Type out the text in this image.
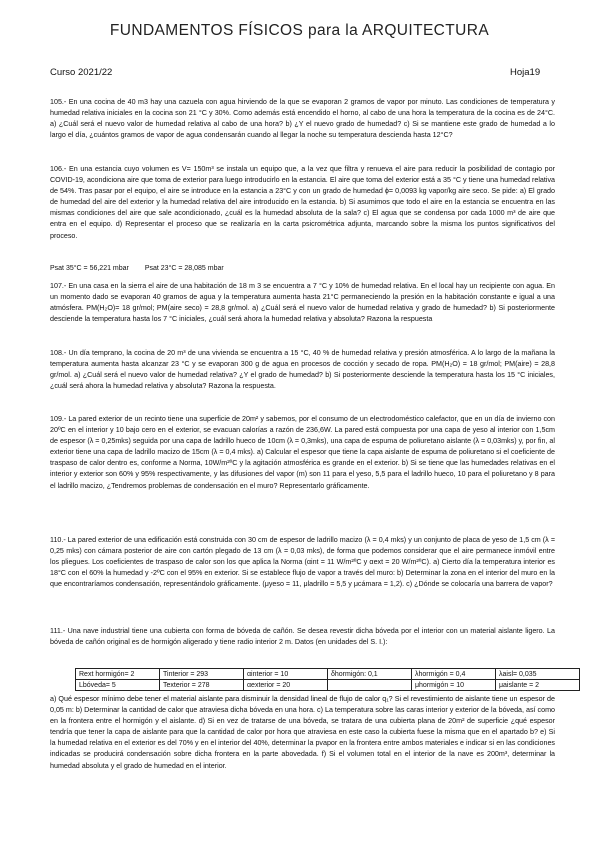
FUNDAMENTOS FÍSICOS para la ARQUITECTURA
Curso 2021/22	Hoja19

105.- En una cocina de 40 m3 hay una cazuela con agua hirviendo de la que se evaporan 2 gramos de vapor por minuto. Las condiciones de temperatura y humedad relativa iniciales en la cocina son 21 °C y 30%. Como además está encendido el horno, al cabo de una hora la temperatura de la cocina es de 24°C. a) ¿Cuál será el nuevo valor de humedad relativa al cabo de una hora? b) ¿Y el nuevo grado de humedad? c) Si se mantiene este grado de humedad a lo largo el día, ¿cuántos gramos de vapor de agua condensarán cuando al llegar la noche su temperatura descienda hasta 12°C?

106.- En una estancia cuyo volumen es V= 150m³ se instala un equipo que, a la vez que filtra y renueva el aire para reducir la posibilidad de contagio por COVID-19, acondiciona aire que toma de exterior para luego introducirlo en la estancia. El aire que toma del exterior está a 35 °C y tiene una humedad relativa de 54%. Tras pasar por el equipo, el aire se introduce en la estancia a 23°C y con un grado de humedad ϕ= 0,0093 kg vapor/kg aire seco. Se pide: a) El grado de humedad del aire del exterior y la humedad relativa del aire introducido en la estancia. b) Si asumimos que todo el aire en la estancia se encuentra en las mismas condiciones del aire que sale acondicionado, ¿cuál es la humedad absoluta de la sala? c) El agua que se condensa por cada 1000 m³ de aire que entra en el equipo. d) Representar el proceso que se realizaría en la carta psicrométrica adjunta, marcando sobre la misma los puntos significativos del proceso.

Psat 35°C = 56,221 mbar Psat 23°C = 28,085 mbar

107.- En una casa en la sierra el aire de una habitación de 18 m 3 se encuentra a 7 °C y 10% de humedad relativa. En el local hay un recipiente con agua. En un momento dado se evaporan 40 gramos de agua y la temperatura aumenta hasta 21°C permaneciendo la presión en la habitación constante e igual a una atmósfera. PM(H₂O)= 18 gr/mol; PM(aire seco) = 28,8 gr/mol. a) ¿Cuál será el nuevo valor de humedad relativa y grado de humedad? b) Si posteriormente desciende la temperatura hasta los 7 °C iniciales, ¿cuál será ahora la humedad relativa y absoluta? Razona la respuesta

108.- Un día temprano, la cocina de 20 m³ de una vivienda se encuentra a 15 °C, 40 % de humedad relativa y presión atmosférica. A lo largo de la mañana la temperatura aumenta hasta alcanzar 23 °C y se evaporan 300 g de agua en procesos de cocción y secado de ropa. PM(H₂O) = 18 gr/mol; PM(aire) = 28,8 gr/mol. a) ¿Cuál será el nuevo valor de humedad relativa? ¿Y el grado de humedad? b) Si posteriormente desciende la temperatura hasta los 15 °C iniciales, ¿cuál será ahora la humedad relativa y absoluta? Razona la respuesta.

109.- La pared exterior de un recinto tiene una superficie de 20m² y sabemos, por el consumo de un electrodoméstico calefactor, que en un día de invierno con 20ºC en el interior y 10 bajo cero en el exterior, se evacuan calorías a razón de 236,6W. La pared está compuesta por una capa de yeso al interior con 1,5cm de espesor (λ = 0,25mks) seguida por una capa de ladrillo hueco de 10cm (λ = 0,3mks), una capa de espuma de poliuretano aislante (λ = 0,03mks) y, por fin, al exterior tiene una capa de ladrillo macizo de 15cm (λ = 0,4 mks). a) Calcular el espesor que tiene la capa aislante de espuma de poliuretano si el coeficiente de traspaso de calor dentro es, conforme a Norma, 10W/m²ºC y la agitación atmosférica es grande en el exterior. b) Si se tiene que las humedades relativas en el interior y exterior son 60% y 95% respectivamente, y las difusiones del vapor (m) son 11 para el yeso, 5,5 para el ladrillo hueco, 10 para el poliuretano y 8 para el ladrillo macizo, ¿Tendremos problemas de condensación en el muro? Representarlo gráficamente.

110.- La pared exterior de una edificación está construida con 30 cm de espesor de ladrillo macizo (λ = 0,4 mks) y un conjunto de placa de yeso de 1,5 cm (λ = 0,25 mks) con cámara posterior de aire con cartón plegado de 13 cm (λ = 0,03 mks), de forma que podemos considerar que el aire permanece inmóvil entre los pliegues. Los coeficientes de traspaso de calor son los que aplica la Norma (αint = 11 W/m²ºC y αext = 20 W/m²ºC). a) Cierto día la temperatura interior es 18°C con el 60% la humedad y -2ºC con el 95% en exterior. Si se establece flujo de vapor a través del muro: b) Determinar la zona en el interior del muro en la que encontraríamos condensación, representándolo gráficamente. (μyeso = 11, μladrillo = 5,5 y μcámara = 1,2). c) ¿Dónde se colocaría una barrera de vapor?

111.- Una nave industrial tiene una cubierta con forma de bóveda de cañón. Se desea revestir dicha bóveda por el interior con un material aislante ligero. La bóveda de cañón original es de hormigón aligerado y tiene radio interior 2 m. Datos (en unidades del S. I.):

Rext hormigón= 2	Tinterior = 293	αinterior = 10	δhormigón: 0,1	λhormigón = 0,4	λaisl= 0,035
Lbóveda= 5	Texterior = 278	αexterior = 20		μhormigón = 10	μaislante = 2

a) Qué espesor mínimo debe tener el material aislante para disminuir la densidad lineal de flujo de calor q₁? Si el revestimiento de aislante tiene un espesor de 0,05 m: b) Determinar la cantidad de calor que atraviesa dicha bóveda en una hora. c) La temperatura sobre las caras interior y exterior de la bóveda, así como en la frontera entre el hormigón y el aislante. d) Si en vez de tratarse de una bóveda, se tratara de una cubierta plana de 20m² de superficie ¿qué espesor tendría que tener la capa de aislante para que la cantidad de calor por hora que atraviesa en este caso la cubierta fuese la misma que en el apartado b? e) Si la humedad relativa en el exterior es del 70% y en el interior del 40%, determinar la pvapor en la frontera entre ambos materiales e indicar si en las condiciones indicadas se producirá condensación sobre dicha frontera en la parte abovedada. f) Si el volumen total en el interior de la nave es 200m³, determinar la humedad absoluta y el grado de humedad en el interior.
